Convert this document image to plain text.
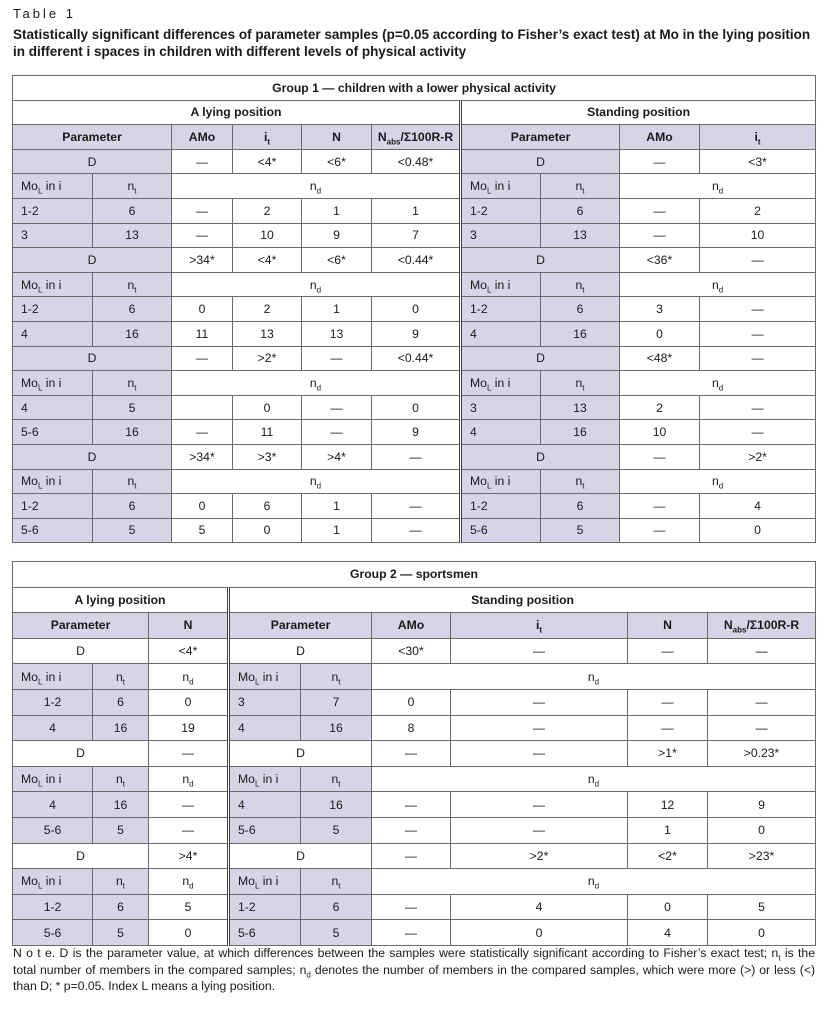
Table 1
Statistically significant differences of parameter samples (p=0.05 according to Fisher’s exact test) at Mo in the lying position in different i spaces in children with different levels of physical activity
Group 1 — children with a lower physical activity									
A lying position						Standing position			
Parameter		AMo	$i_t$	N	$N_{abs}/\Sigma 100R-R$	Parameter		AMo	$i_t$
D		—	<4*	<6*	<0.48*	D		—	<3*
$Mo_L$ in i	$n_t$	$n_d$				$Mo_L$ in i	$n_t$	$n_d$
1-2	6	—	2	1	1	1-2	6	—	2
3	13	—	10	9	7	3	13	—	10
D		>34*	<4*	<6*	<0.44*	D		<36*	—
$Mo_L$ in i	$n_t$	$n_d$				$Mo_L$ in i	$n_t$	$n_d$
1-2	6	0	2	1	0	1-2	6	3	—
4	16	11	13	13	9	4	16	0	—
D		—	>2*	—	<0.44*	D		<48*	—
$Mo_L$ in i	$n_t$	$n_d$				$Mo_L$ in i	$n_t$	$n_d$
4	5		0	—	0	3	13	2	—
5-6	16	—	11	—	9	4	16	10	—
D		>34*	>3*	>4*	—	D		—	>2*
$Mo_L$ in i	$n_t$	$n_d$				$Mo_L$ in i	$n_t$	$n_d$
1-2	6	0	6	1	—	1-2	6	—	4
5-6	5	5	0	1	—	5-6	5	—	0
Group 2 — sportsmen								
A lying position			Standing position					
Parameter		N	Parameter		AMo	$i_t$	N	$N_{abs}/\Sigma 100R-R$
D		<4*	D		<30*	—	—	—
$Mo_L$ in i	$n_t$	$n_d$	$Mo_L$ in i	$n_t$	$n_d$
1-2	6	0	3	7	0	—	—	—
4	16	19	4	16	8	—	—	—
D		—	D		—	—	>1*	>0.23*
$Mo_L$ in i	$n_t$	$n_d$	$Mo_L$ in i	$n_t$	$n_d$
4	16	—	4	16	—	—	12	9
5-6	5	—	5-6	5	—	—	1	0
D		>4*	D		—	>2*	<2*	>23*
$Mo_L$ in i	$n_t$	$n_d$	$Mo_L$ in i	$n_t$	$n_d$
1-2	6	5	1-2	6	—	4	0	5
5-6	5	0	5-6	5	—	0	4	0
N o t e. D is the parameter value, at which differences between the samples were statistically significant according to Fisher’s exact test; $n_t$ is the total number of members in the compared samples; $n_d$ denotes the number of members in the compared samples, which were more (>) or less (<) than D; * p=0.05. Index L means a lying position.
